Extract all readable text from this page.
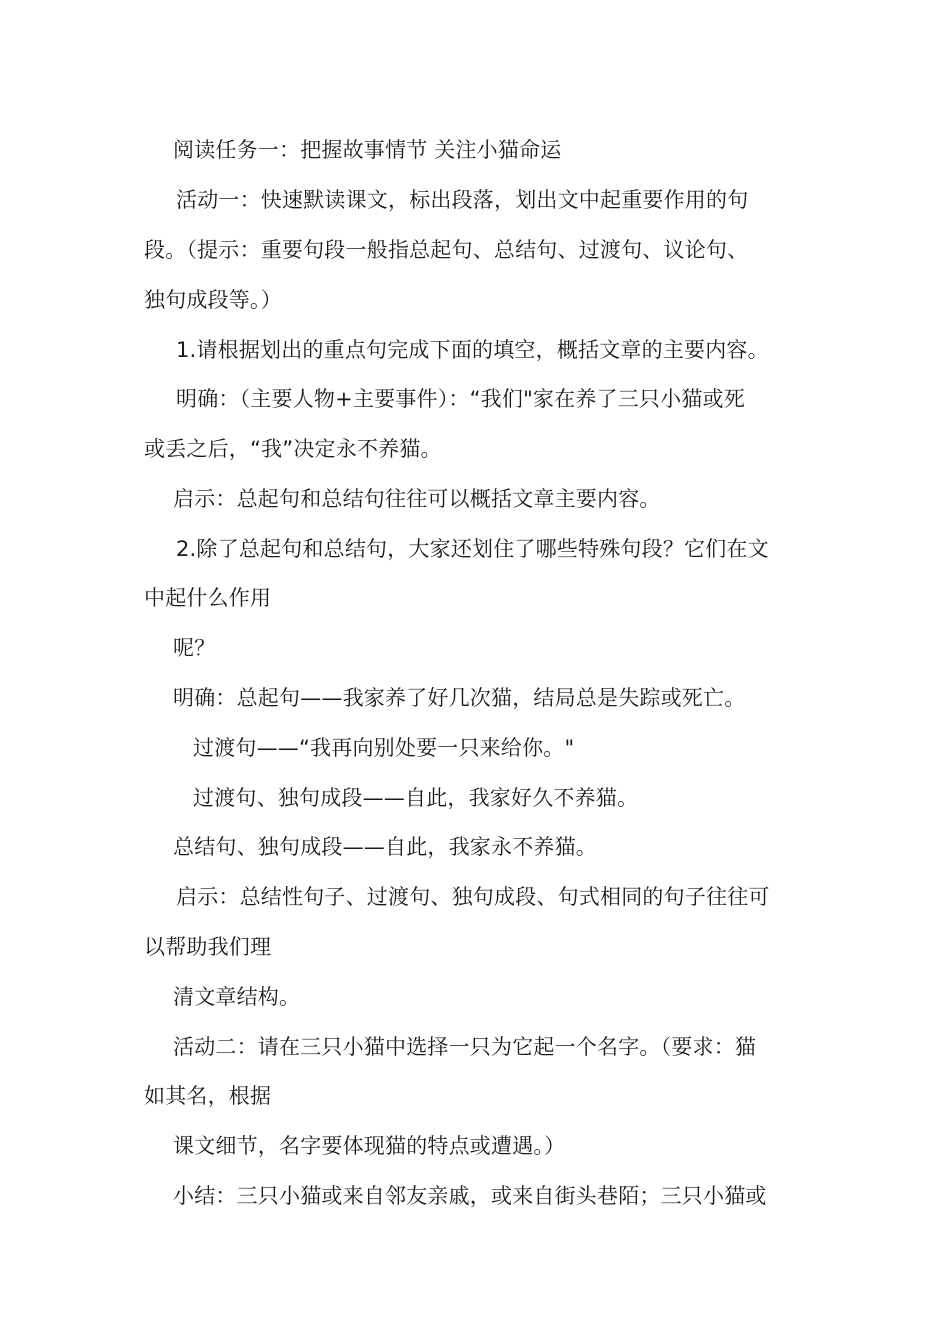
阅读任务一：把握故事情节 关注小猫命运
活动一：快速默读课文，标出段落，划出文中起重要作用的句
段。（提示：重要句段一般指总起句、总结句、过渡句、议论句、
独句成段等。）
1.请根据划出的重点句完成下面的填空，概括文章的主要内容。
明确：（主要人物+主要事件）：“我们"家在养了三只小猫或死
或丢之后，“我”决定永不养猫。
启示：总起句和总结句往往可以概括文章主要内容。
2.除了总起句和总结句，大家还划住了哪些特殊句段？它们在文
中起什么作用
呢？
明确：总起句——我家养了好几次猫，结局总是失踪或死亡。
过渡句——“我再向别处要一只来给你。"
过渡句、独句成段——自此，我家好久不养猫。
总结句、独句成段——自此，我家永不养猫。
启示：总结性句子、过渡句、独句成段、句式相同的句子往往可
以帮助我们理
清文章结构。
活动二：请在三只小猫中选择一只为它起一个名字。（要求：猫
如其名，根据
课文细节，名字要体现猫的特点或遭遇。）
小结：三只小猫或来自邻友亲戚，或来自街头巷陌；三只小猫或
